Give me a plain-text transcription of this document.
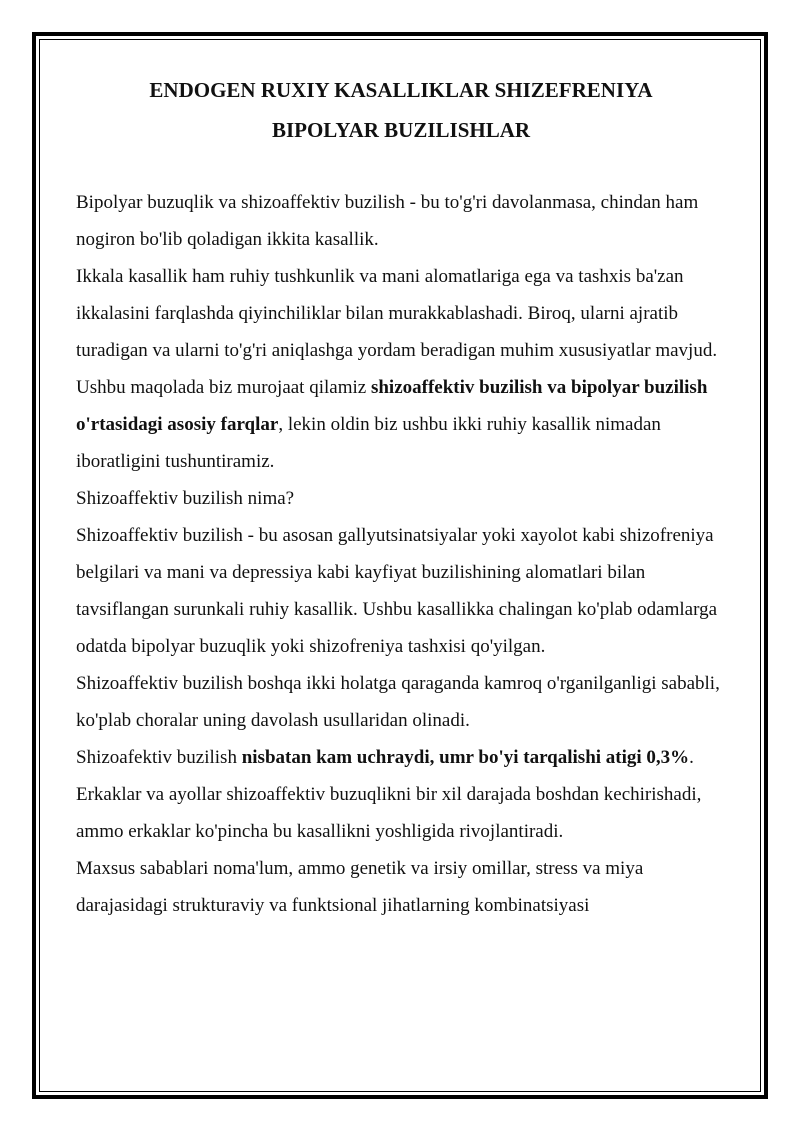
ENDOGEN RUXIY KASALLIKLAR SHIZEFRENIYA
BIPOLYAR BUZILISHLAR

Bipolyar buzuqlik va shizoaffektiv buzilish - bu to'g'ri davolanmasa, chindan ham nogiron bo'lib qoladigan ikkita kasallik.

Ikkala kasallik ham ruhiy tushkunlik va mani alomatlariga ega va tashxis ba'zan ikkalasini farqlashda qiyinchiliklar bilan murakkablashadi. Biroq, ularni ajratib turadigan va ularni to'g'ri aniqlashga yordam beradigan muhim xususiyatlar mavjud.

Ushbu maqolada biz murojaat qilamiz shizoaffektiv buzilish va bipolyar buzilish o'rtasidagi asosiy farqlar, lekin oldin biz ushbu ikki ruhiy kasallik nimadan iboratligini tushuntiramiz.

Shizoaffektiv buzilish nima?

Shizoaffektiv buzilish - bu asosan gallyutsinatsiyalar yoki xayolot kabi shizofreniya belgilari va mani va depressiya kabi kayfiyat buzilishining alomatlari bilan tavsiflangan surunkali ruhiy kasallik. Ushbu kasallikka chalingan ko'plab odamlarga odatda bipolyar buzuqlik yoki shizofreniya tashxisi qo'yilgan.

Shizoaffektiv buzilish boshqa ikki holatga qaraganda kamroq o'rganilganligi sababli, ko'plab choralar uning davolash usullaridan olinadi.

Shizoafektiv buzilish nisbatan kam uchraydi, umr bo'yi tarqalishi atigi 0,3%. Erkaklar va ayollar shizoaffektiv buzuqlikni bir xil darajada boshdan kechirishadi, ammo erkaklar ko'pincha bu kasallikni yoshligida rivojlantiradi.

Maxsus sabablari noma'lum, ammo genetik va irsiy omillar, stress va miya darajasidagi strukturaviy va funktsional jihatlarning kombinatsiyasi
